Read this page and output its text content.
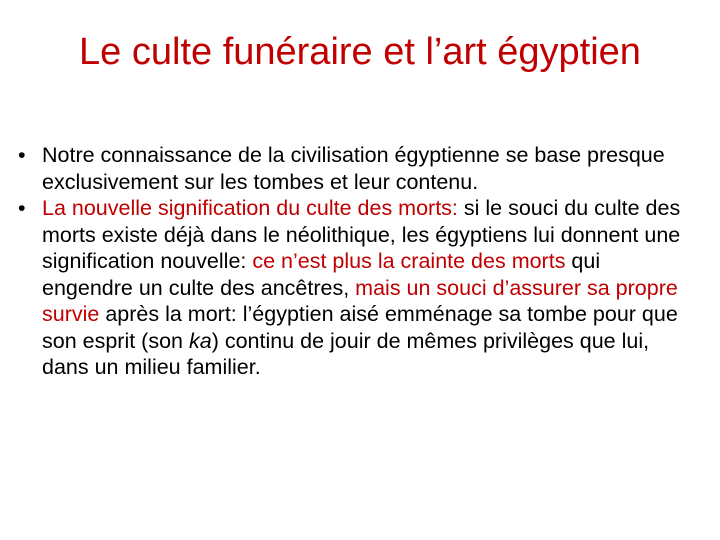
Le culte funéraire et l’art égyptien
• Notre connaissance de la civilisation égyptienne se base presque exclusivement sur les tombes et leur contenu.
• La nouvelle signification du culte des morts: si le souci du culte des morts existe déjà dans le néolithique, les égyptiens lui donnent une signification nouvelle: ce n’est plus la crainte des morts qui engendre un culte des ancêtres, mais un souci d’assurer sa propre survie après la mort: l’égyptien aisé emménage sa tombe pour que son esprit (son ka) continu de jouir de mêmes privilèges que lui, dans un milieu familier.
